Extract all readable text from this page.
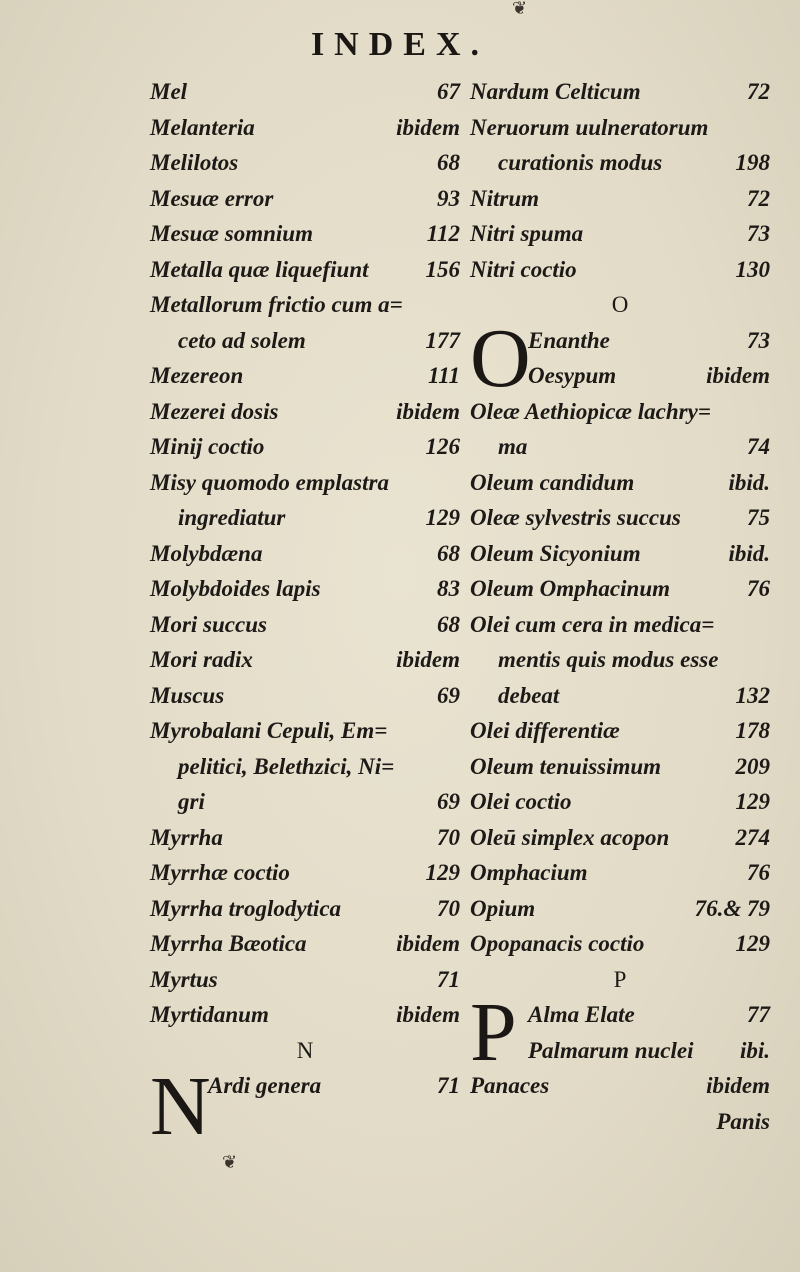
❦
INDEX.
Mel	67
Melanteria	ibidem
Melilotos	68
Mesuæ error	93
Mesuæ somnium	112
Metalla quæ liquefiunt 156
Metallorum frictio cum a=
ceto ad solem	177
Mezereon	111
Mezerei dosis	ibidem
Minij coctio	126
Misy quomodo emplastra
ingrediatur	129
Molybdæna	68
Molybdoides lapis	83
Mori succus	68
Mori radix	ibidem
Muscus	69
Myrobalani Cepuli, Em=
pelitici, Belethzici, Ni=
gri	69
Myrrha	70
Myrrhæ coctio	129
Myrrha troglodytica	70
Myrrha Bæotica	ibidem
Myrtus	71
Myrtidanum	ibidem
N
Ardi genera	71
N
Nardum Celticum	72
Neruorum uulneratorum
curationis modus	198
Nitrum	72
Nitri spuma	73
Nitri coctio	130
O
Enanthe	73
Oesypum	ibidem
Oleæ Aethiopicæ lachry=
ma	74
Oleum candidum	ibid.
Oleæ sylvestris succus	75
Oleum Sicyonium	ibid.
Oleum Omphacinum	76
Olei cum cera in medica=
mentis quis modus esse
debeat	132
Olei differentiæ	178
Oleum tenuissimum	209
Olei coctio	129
Oleū simplex acopon	274
Omphacium	76
Opium	76.& 79
Opopanacis coctio	129
P
Alma Elate	77
Palmarum nuclei ibi.
Panaces	ibidem
Panis
O
P
❦
